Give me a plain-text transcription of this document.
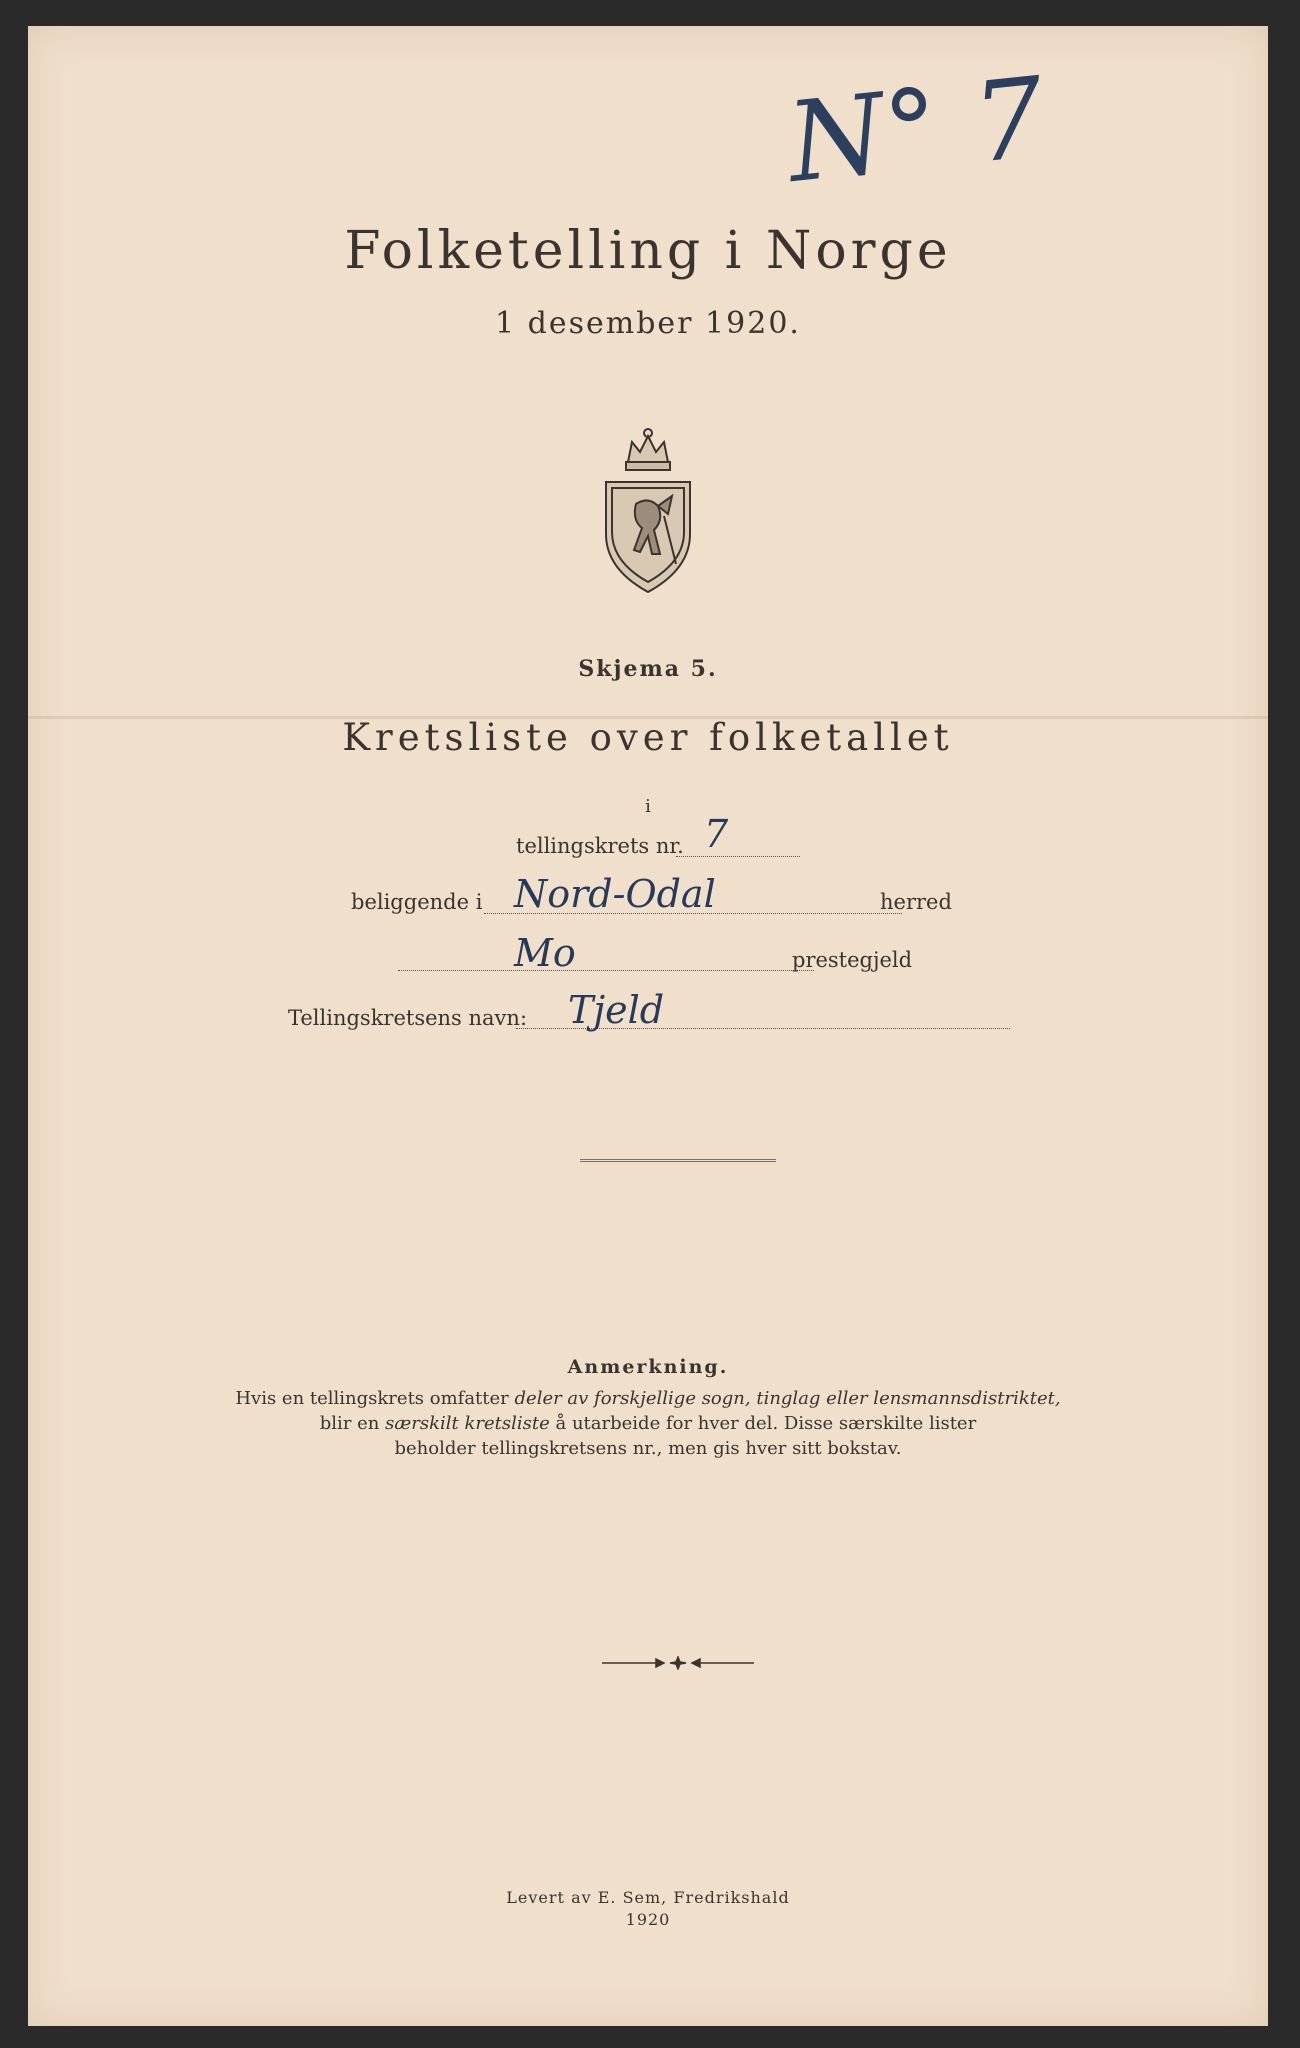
N° 7
Folketelling i Norge
1 desember 1920.
Skjema 5.
Kretsliste over folketallet
i
tellingskrets nr. 7
beliggende i Nord-Odal	herred
Mo	prestegjeld
Tellingskretsens navn: Tjeld
Anmerkning.
Hvis en tellingskrets omfatter deler av forskjellige sogn, tinglag eller lensmannsdistriktet,
blir en særskilt kretsliste å utarbeide for hver del. Disse særskilte lister
beholder tellingskretsens nr., men gis hver sitt bokstav.
Levert av E. Sem, Fredrikshald
1920
